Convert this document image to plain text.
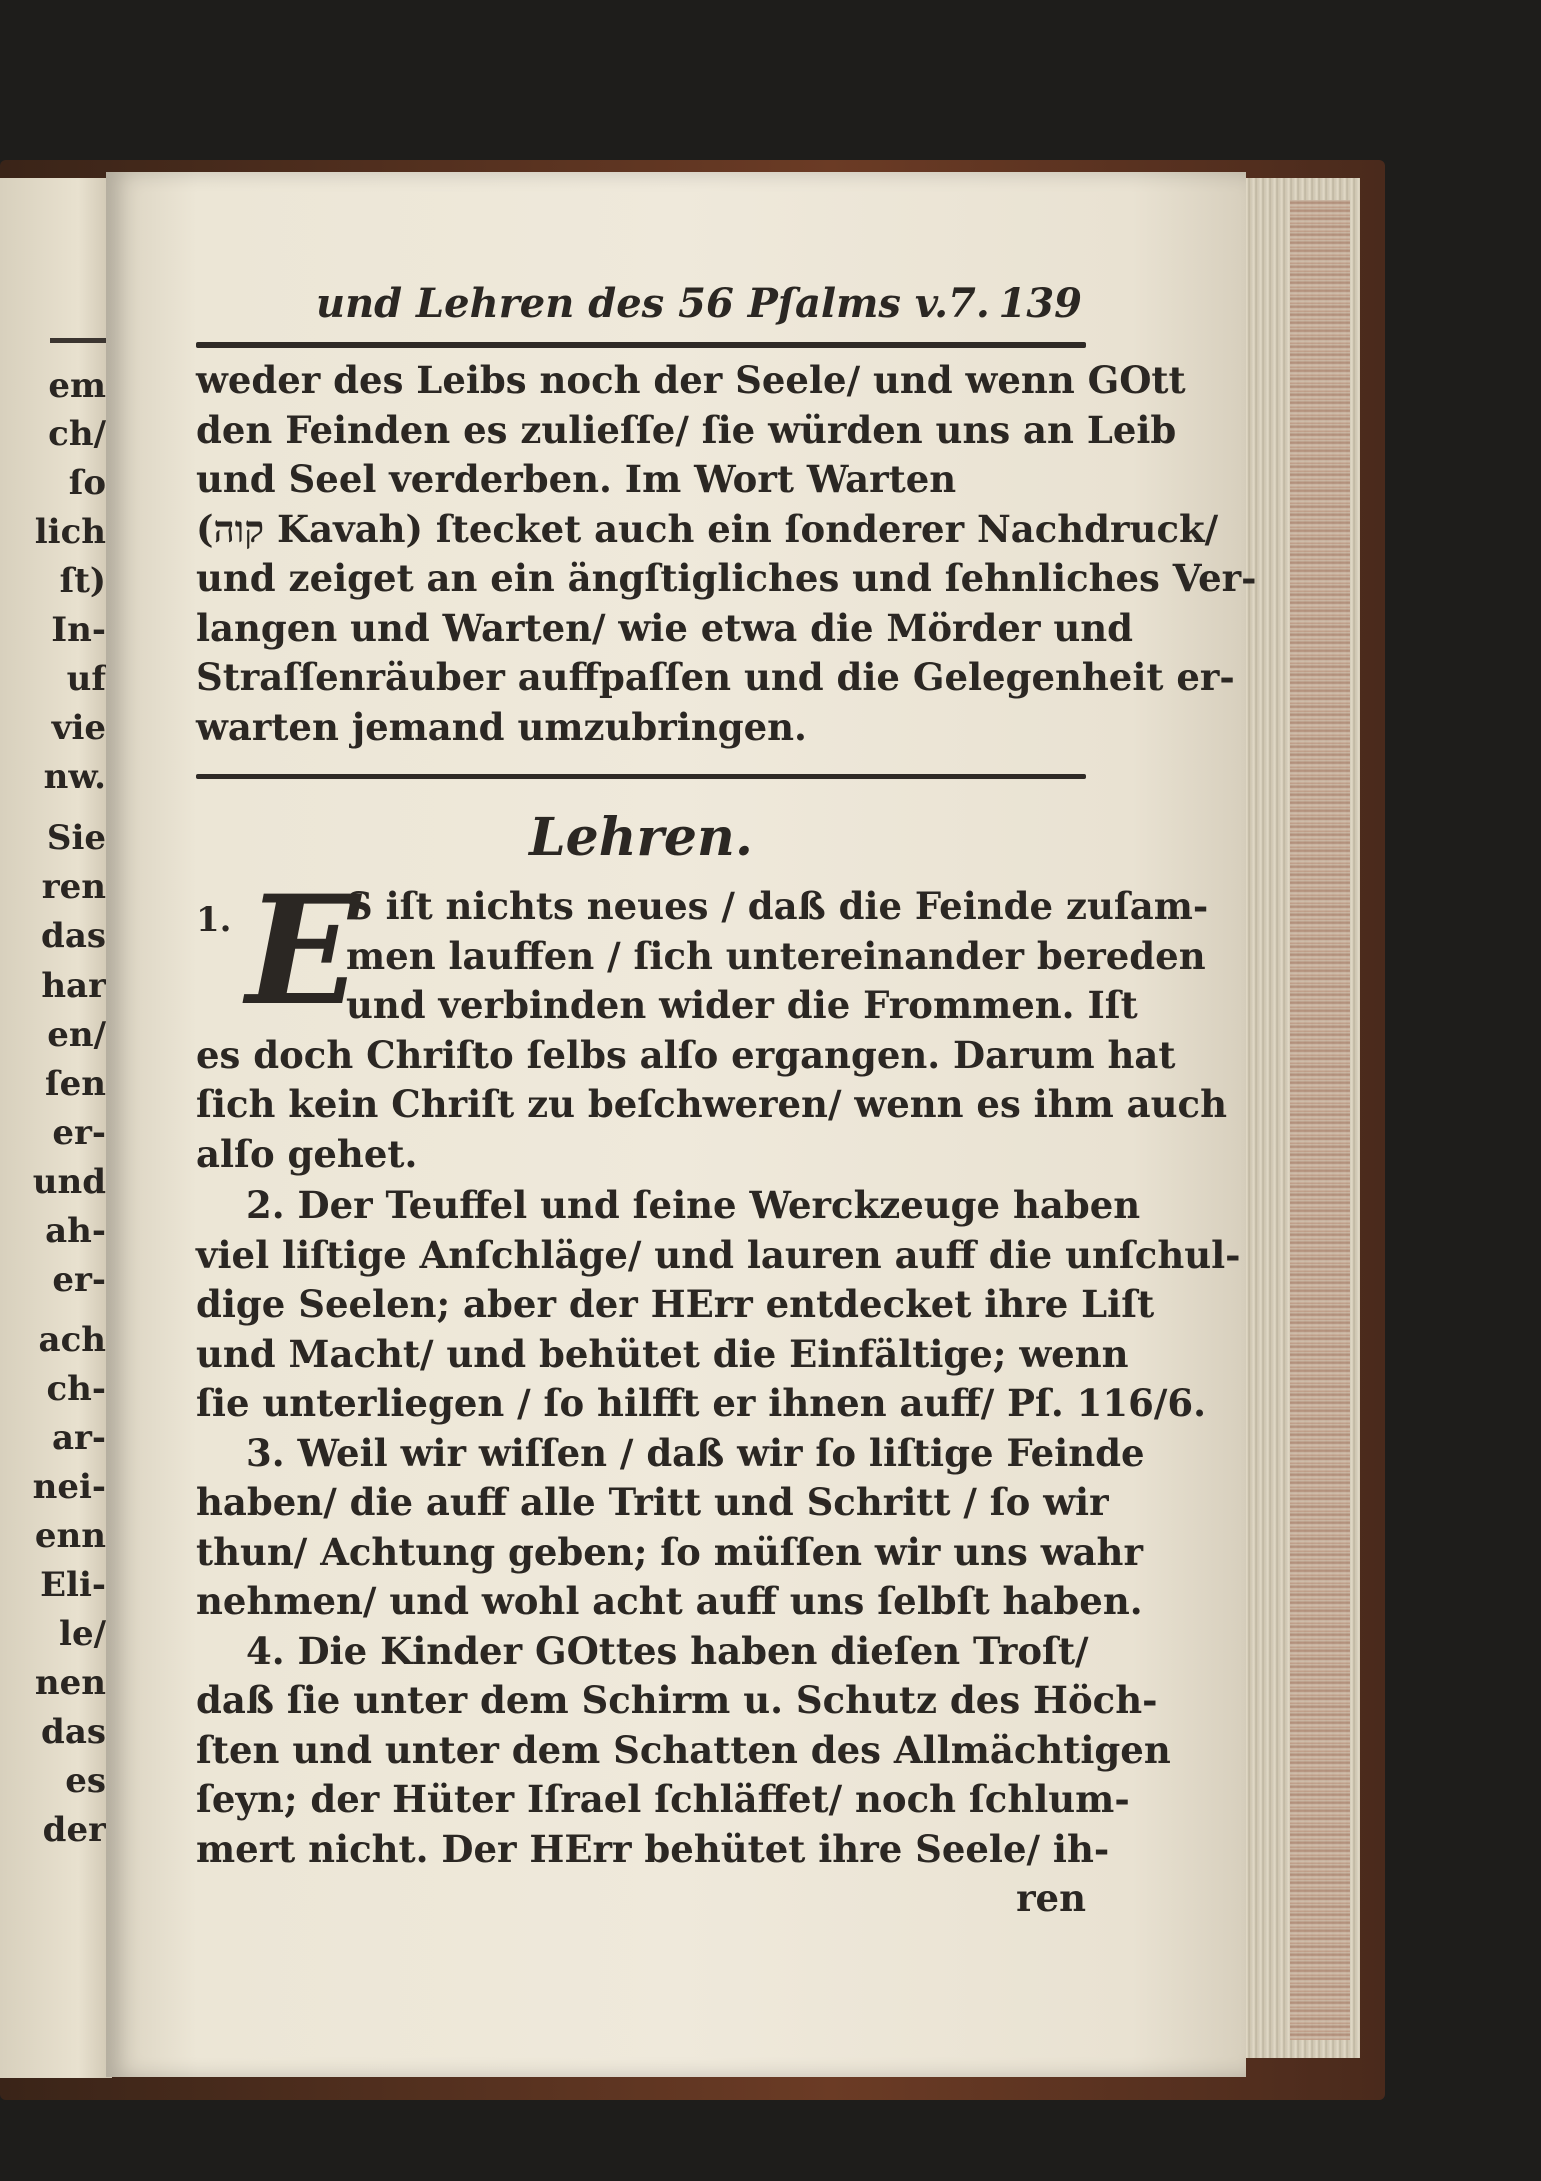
em
ch/
ſo
lich
ſt)
In-
uf
vie
nw.
Sie
ren
das
har
en/
ſen
er-
und
ah-
er-
ach
ch-
ar-
nei-
enn
Eli-
le/
nen
das
es
der
und Lehren des 56 Pſalms v.7. 139
weder des Leibs noch der Seele/ und wenn GOtt
den Feinden es zulieſſe/ ſie würden uns an Leib
und Seel verderben. Im Wort Warten
(קוה Kavah) ſtecket auch ein ſonderer Nachdruck/
und zeiget an ein ängſtigliches und ſehnliches Ver-
langen und Warten/ wie etwa die Mörder und
Straſſenräuber auffpaſſen und die Gelegenheit er-
warten jemand umzubringen.
Lehren.
1. E
S iſt nichts neues / daß die Feinde zuſam-
men lauffen / ſich untereinander bereden
und verbinden wider die Frommen. Iſt
es doch Chriſto ſelbs alſo ergangen. Darum hat
ſich kein Chriſt zu beſchweren/ wenn es ihm auch
alſo gehet.
2. Der Teuffel und ſeine Werckzeuge haben
viel liſtige Anſchläge/ und lauren auff die unſchul-
dige Seelen; aber der HErr entdecket ihre Liſt
und Macht/ und behütet die Einfältige; wenn
ſie unterliegen / ſo hilfft er ihnen auff/ Pſ. 116/6.
3. Weil wir wiſſen / daß wir ſo liſtige Feinde
haben/ die auff alle Tritt und Schritt / ſo wir
thun/ Achtung geben; ſo müſſen wir uns wahr
nehmen/ und wohl acht auff uns ſelbſt haben.
4. Die Kinder GOttes haben dieſen Troſt/
daß ſie unter dem Schirm u. Schutz des Höch-
ſten und unter dem Schatten des Allmächtigen
ſeyn; der Hüter Iſrael ſchläffet/ noch ſchlum-
mert nicht. Der HErr behütet ihre Seele/ ih-
ren
